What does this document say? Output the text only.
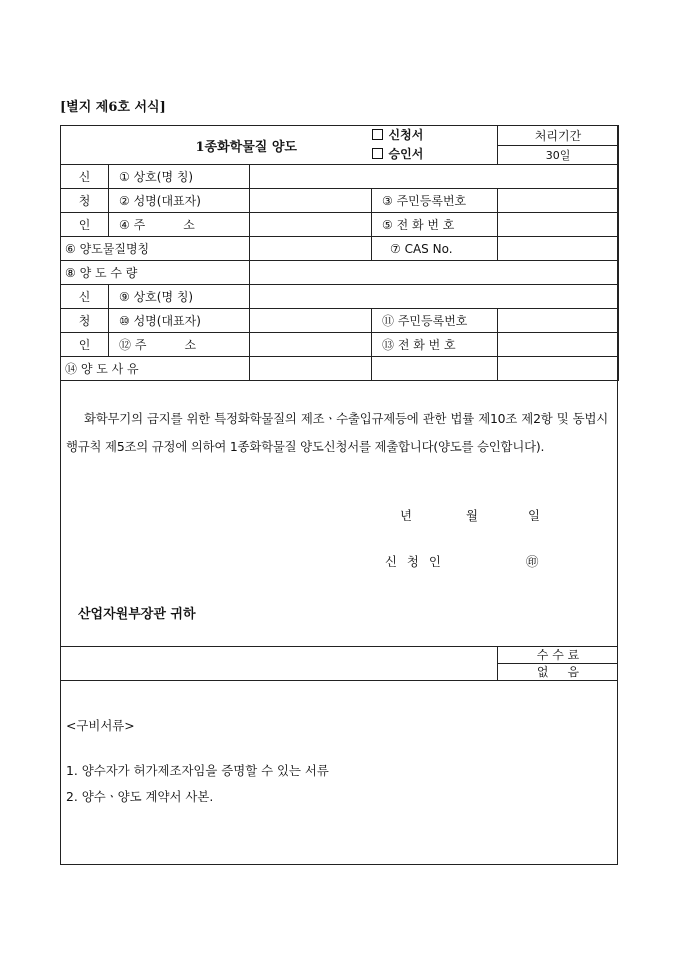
[별지 제6호 서식]
1종화학물질 양도			신청서
승인서	처리기간
				30일
신	① 상호(명 칭)			
청	② 성명(대표자)		③ 주민등록번호	
인	④ 주          소		⑤ 전 화 번 호	
⑥ 양도물질명칭			⑦ CAS No.	
⑧ 양 도 수 량				
신	⑨ 상호(명 칭)			
청	⑩ 성명(대표자)		⑪ 주민등록번호	
인	⑫ 주          소		⑬ 전 화 번 호	
⑭ 양 도 사 유				
화학무기의 금지를 위한 특정화학물질의 제조ㆍ수출입규제등에 관한 법률 제10조 제2항 및 동법시행규칙 제5조의 규정에 의하여 1종화학물질 양도신청서를 제출합니다(양도를 승인합니다).
년	월	일
신 청 인	㊞
산업자원부장관 귀하
수 수 료
없     음
<구비서류>
1. 양수자가 허가제조자임을 증명할 수 있는 서류
2. 양수ㆍ양도 계약서 사본.
